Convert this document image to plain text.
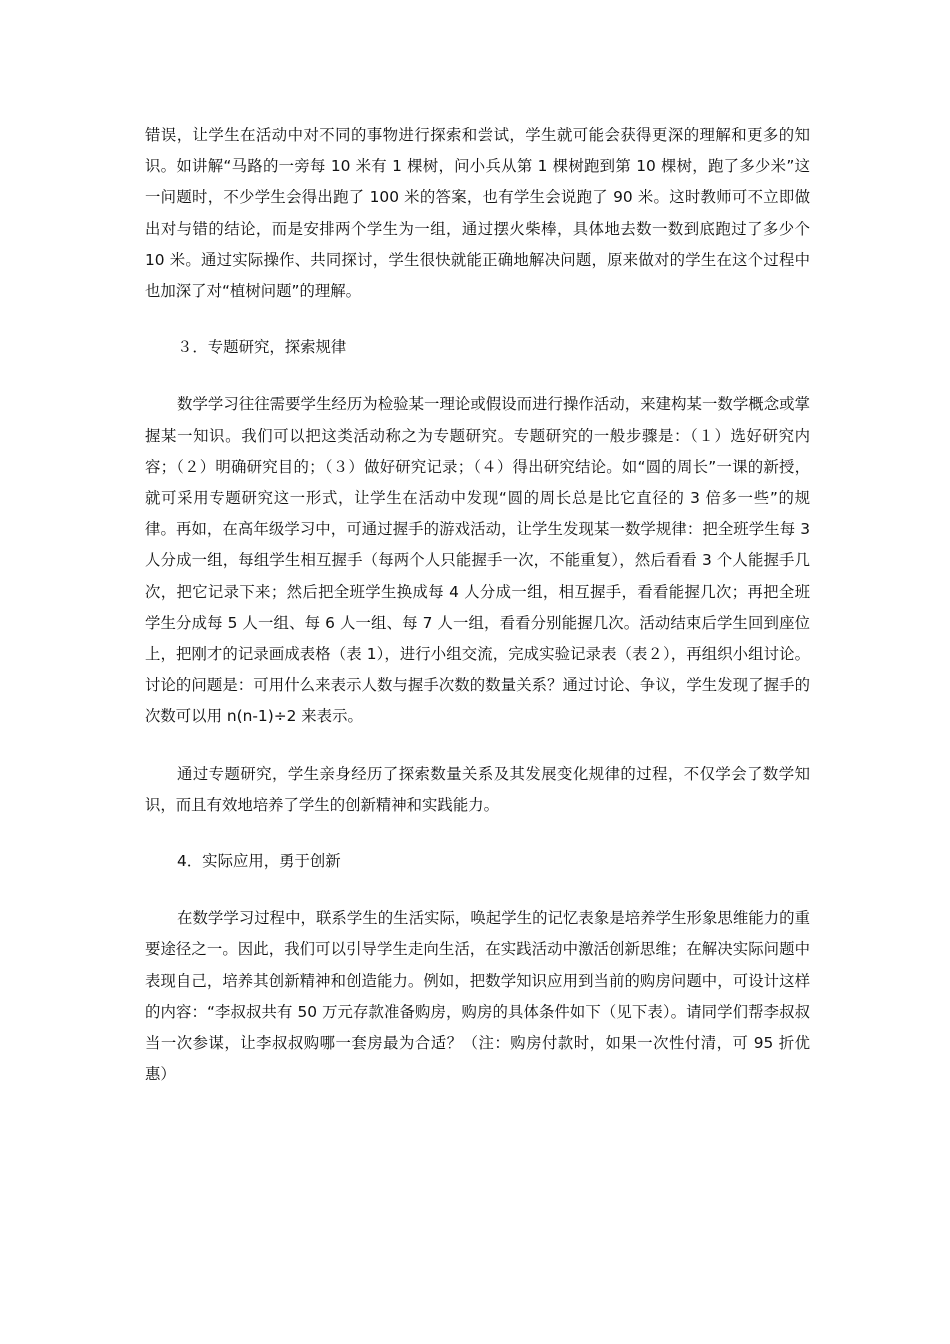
错误，让学生在活动中对不同的事物进行探索和尝试，学生就可能会获得更深的理解和更多的知识。如讲解“马路的一旁每 10 米有 1 棵树，问小兵从第 1 棵树跑到第 10 棵树，跑了多少米”这一问题时，不少学生会得出跑了 100 米的答案，也有学生会说跑了 90 米。这时教师可不立即做出对与错的结论，而是安排两个学生为一组，通过摆火柴棒，具体地去数一数到底跑过了多少个 10 米。通过实际操作、共同探讨，学生很快就能正确地解决问题，原来做对的学生在这个过程中也加深了对“植树问题”的理解。

３．专题研究，探索规律

数学学习往往需要学生经历为检验某一理论或假设而进行操作活动，来建构某一数学概念或掌握某一知识。我们可以把这类活动称之为专题研究。专题研究的一般步骤是：（１）选好研究内容；（２）明确研究目的；（３）做好研究记录；（４）得出研究结论。如“圆的周长”一课的新授，就可采用专题研究这一形式，让学生在活动中发现“圆的周长总是比它直径的 3 倍多一些”的规律。再如，在高年级学习中，可通过握手的游戏活动，让学生发现某一数学规律：把全班学生每 3 人分成一组，每组学生相互握手（每两个人只能握手一次，不能重复），然后看看 3 个人能握手几次，把它记录下来；然后把全班学生换成每 4 人分成一组，相互握手，看看能握几次；再把全班学生分成每 5 人一组、每 6 人一组、每 7 人一组，看看分别能握几次。活动结束后学生回到座位上，把刚才的记录画成表格（表 1），进行小组交流，完成实验记录表（表２），再组织小组讨论。讨论的问题是：可用什么来表示人数与握手次数的数量关系？通过讨论、争议，学生发现了握手的次数可以用 n(n-1)÷2 来表示。

通过专题研究，学生亲身经历了探索数量关系及其发展变化规律的过程，不仅学会了数学知识，而且有效地培养了学生的创新精神和实践能力。

4．实际应用，勇于创新

在数学学习过程中，联系学生的生活实际，唤起学生的记忆表象是培养学生形象思维能力的重要途径之一。因此，我们可以引导学生走向生活，在实践活动中激活创新思维；在解决实际问题中表现自己，培养其创新精神和创造能力。例如，把数学知识应用到当前的购房问题中，可设计这样的内容：“李叔叔共有 50 万元存款准备购房，购房的具体条件如下（见下表）。请同学们帮李叔叔当一次参谋，让李叔叔购哪一套房最为合适？（注：购房付款时，如果一次性付清，可 95 折优惠）
